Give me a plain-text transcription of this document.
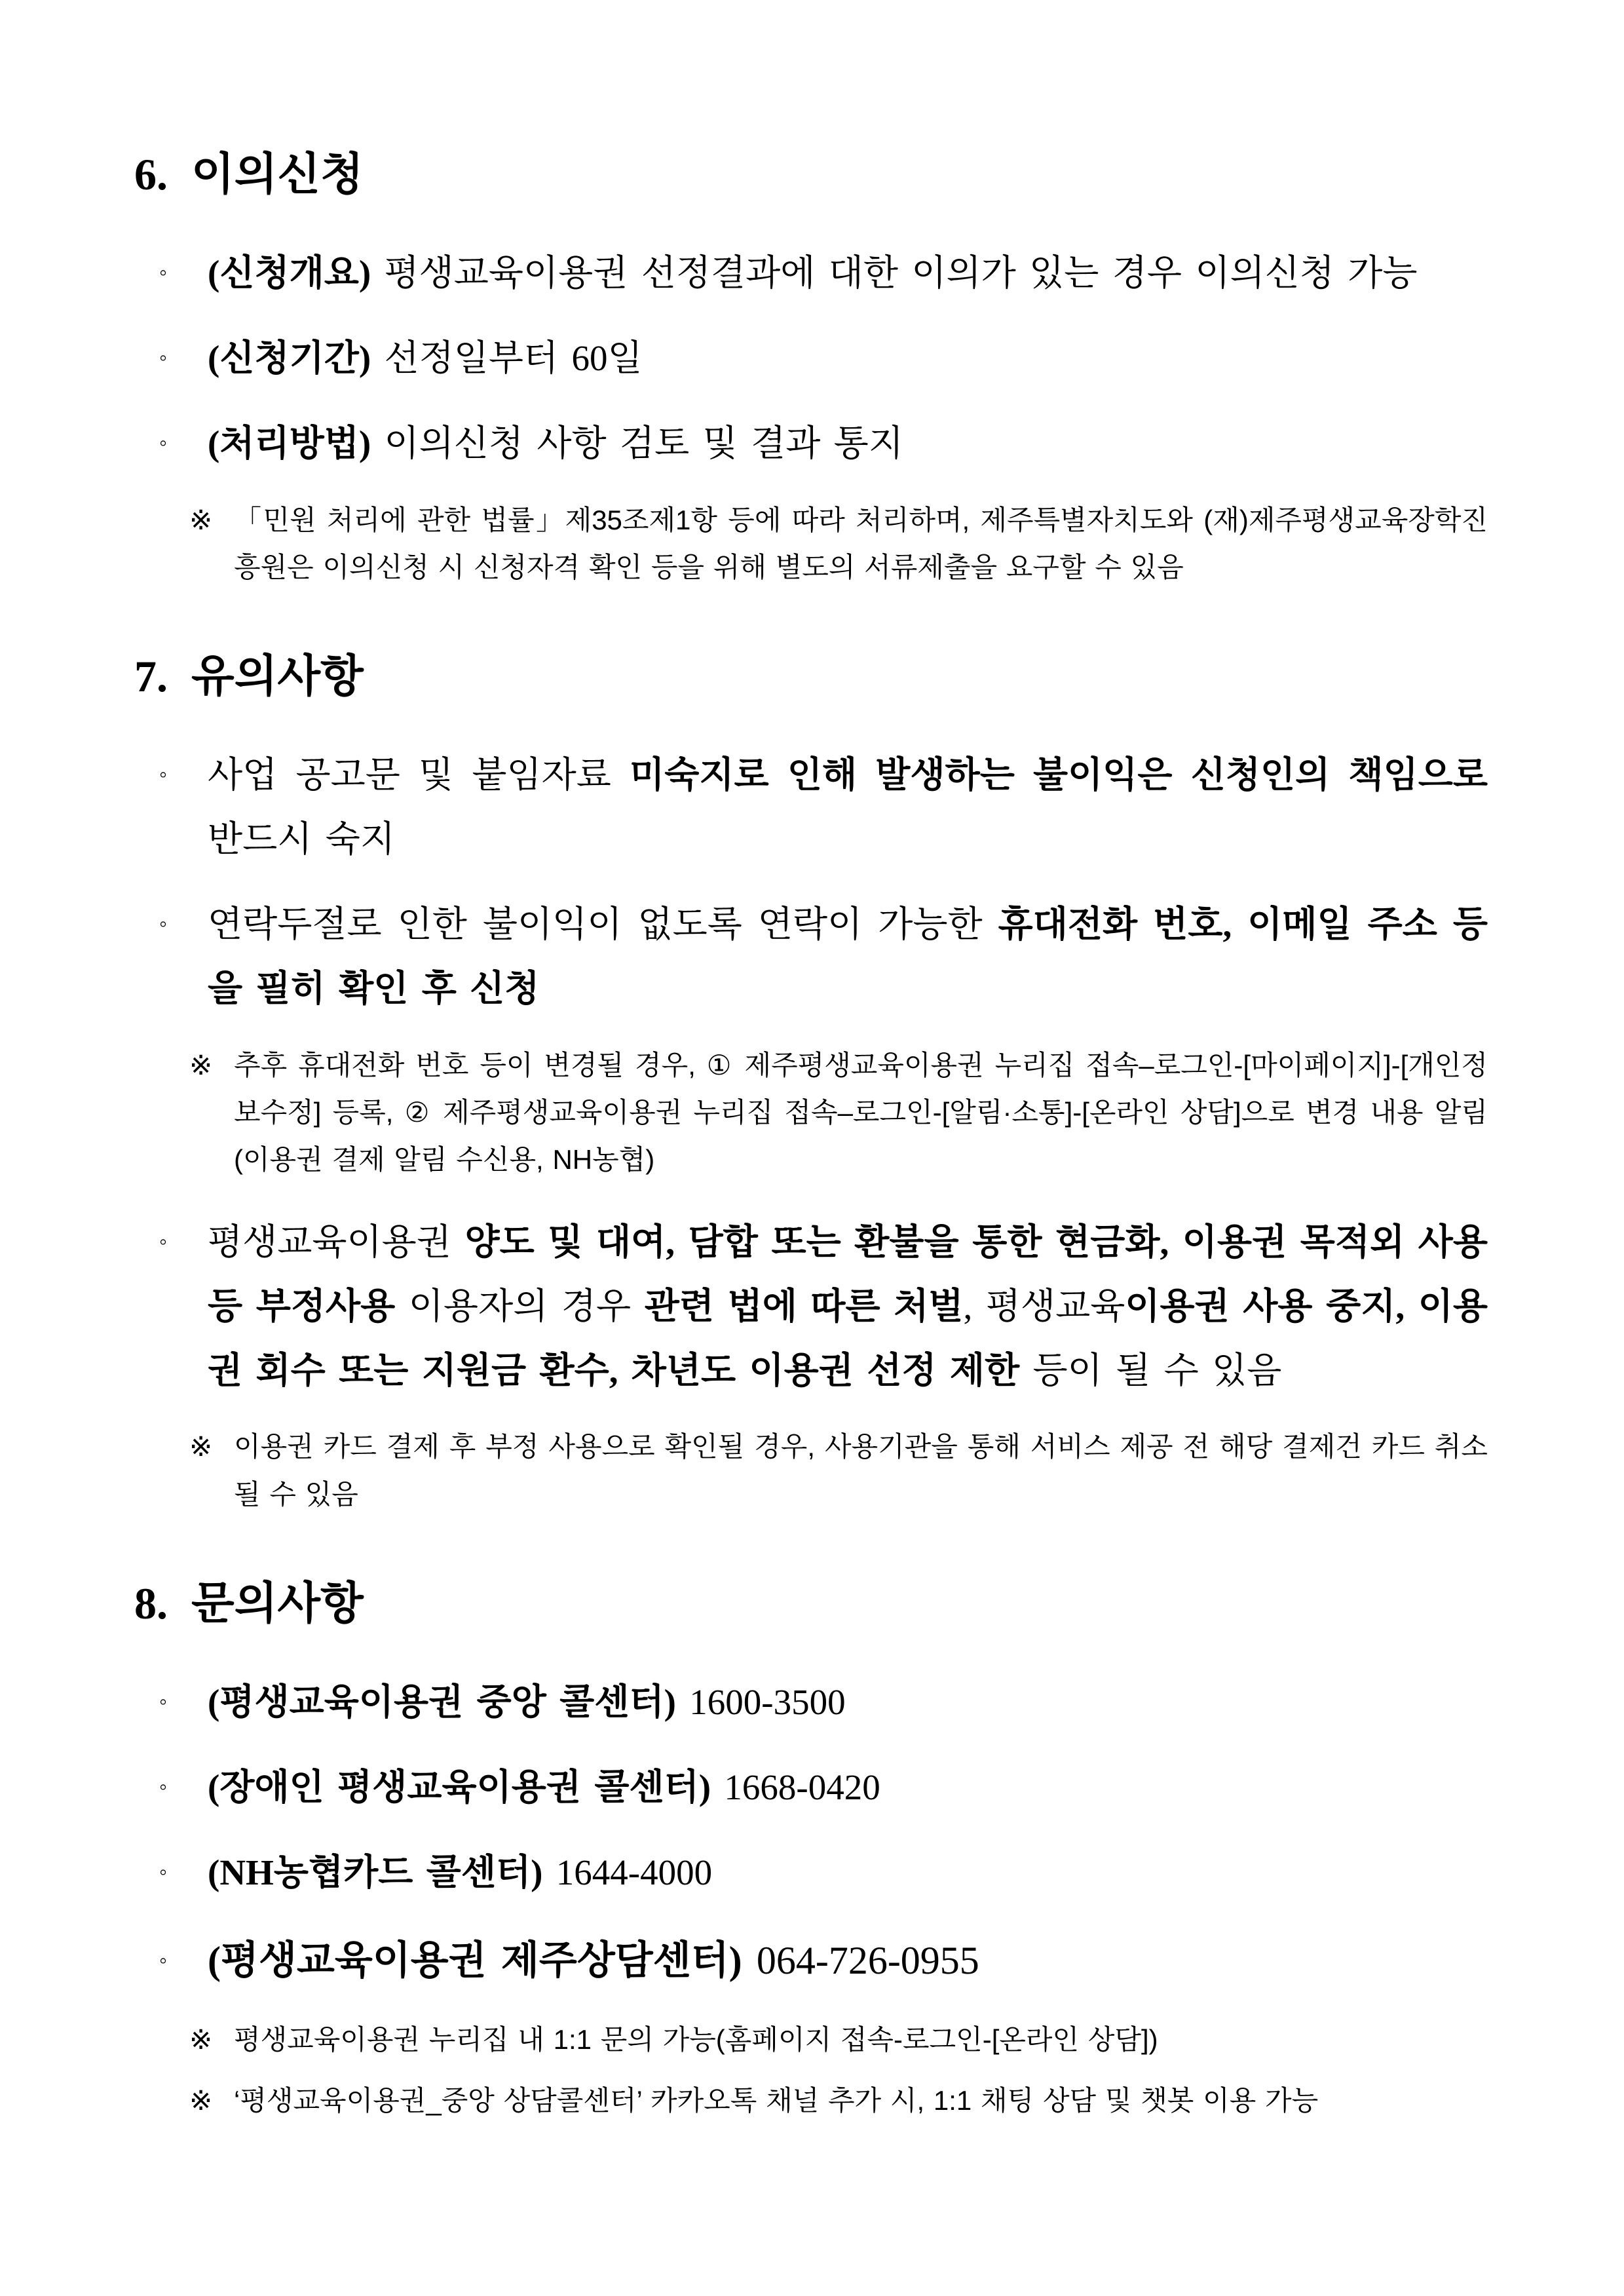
6. 이의신청

◦ (신청개요) 평생교육이용권 선정결과에 대한 이의가 있는 경우 이의신청 가능

◦ (신청기간) 선정일부터 60일

◦ (처리방법) 이의신청 사항 검토 및 결과 통지

※ 「민원 처리에 관한 법률」제35조제1항 등에 따라 처리하며, 제주특별자치도와 (재)제주평생교육장학진흥원은 이의신청 시 신청자격 확인 등을 위해 별도의 서류제출을 요구할 수 있음

7. 유의사항

◦ 사업 공고문 및 붙임자료 미숙지로 인해 발생하는 불이익은 신청인의 책임으로 반드시 숙지

◦ 연락두절로 인한 불이익이 없도록 연락이 가능한 휴대전화 번호, 이메일 주소 등을 필히 확인 후 신청

※ 추후 휴대전화 번호 등이 변경될 경우, ① 제주평생교육이용권 누리집 접속–로그인-[마이페이지]-[개인정보수정] 등록, ② 제주평생교육이용권 누리집 접속–로그인-[알림·소통]-[온라인 상담]으로 변경 내용 알림(이용권 결제 알림 수신용, NH농협)

◦ 평생교육이용권 양도 및 대여, 담합 또는 환불을 통한 현금화, 이용권 목적외 사용 등 부정사용 이용자의 경우 관련 법에 따른 처벌, 평생교육이용권 사용 중지, 이용권 회수 또는 지원금 환수, 차년도 이용권 선정 제한 등이 될 수 있음

※ 이용권 카드 결제 후 부정 사용으로 확인될 경우, 사용기관을 통해 서비스 제공 전 해당 결제건 카드 취소될 수 있음

8. 문의사항

◦ (평생교육이용권 중앙 콜센터) 1600-3500

◦ (장애인 평생교육이용권 콜센터) 1668-0420

◦ (NH농협카드 콜센터) 1644-4000

◦ (평생교육이용권 제주상담센터) 064-726-0955

※ 평생교육이용권 누리집 내 1:1 문의 가능(홈페이지 접속-로그인-[온라인 상담])

※ ‘평생교육이용권_중앙 상담콜센터’ 카카오톡 채널 추가 시, 1:1 채팅 상담 및 챗봇 이용 가능
